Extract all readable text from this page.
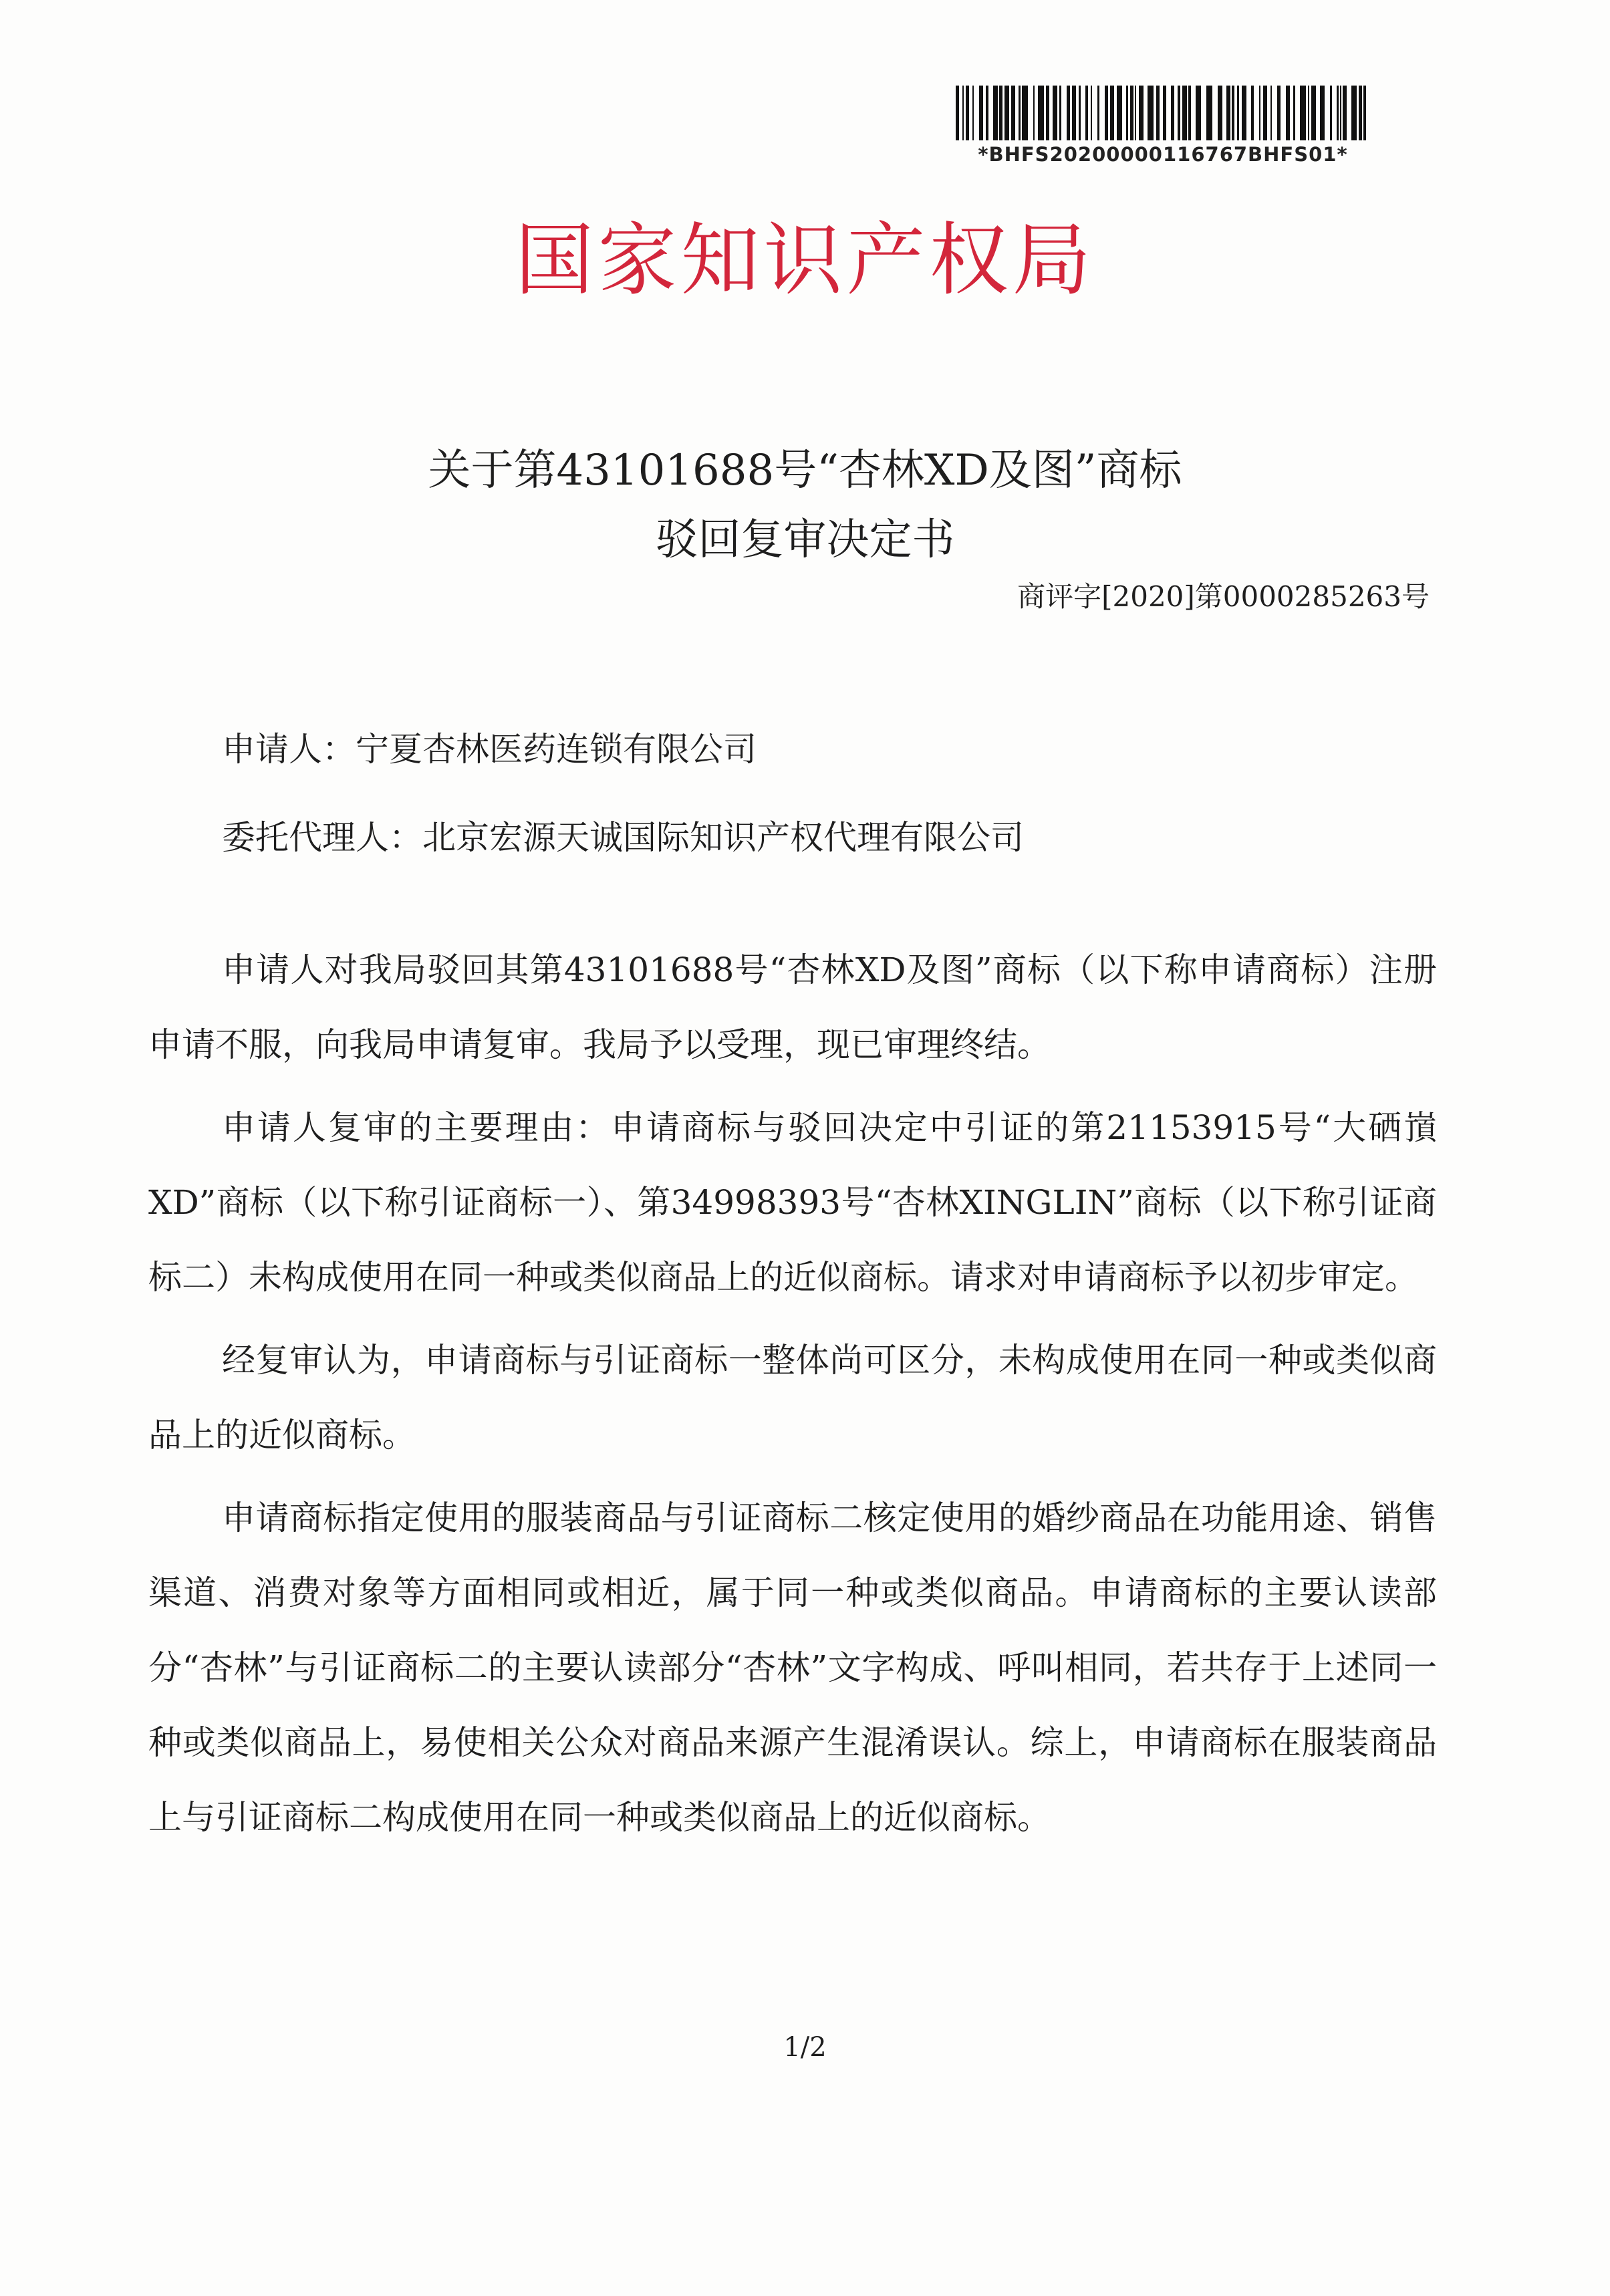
*BHFS20200000116767BHFS01*
国家知识产权局
关于第43101688号“杏林XD及图”商标
驳回复审决定书
商评字[2020]第0000285263号
申请人：宁夏杏林医药连锁有限公司
委托代理人：北京宏源天诚国际知识产权代理有限公司

申请人对我局驳回其第43101688号“杏林XD及图”商标（以下称申请商标）注册申请不服，向我局申请复审。我局予以受理，现已审理终结。

申请人复审的主要理由：申请商标与驳回决定中引证的第21153915号“大硒嵿XD”商标（以下称引证商标一）、第34998393号“杏林XINGLIN”商标（以下称引证商标二）未构成使用在同一种或类似商品上的近似商标。请求对申请商标予以初步审定。

经复审认为，申请商标与引证商标一整体尚可区分，未构成使用在同一种或类似商品上的近似商标。

申请商标指定使用的服装商品与引证商标二核定使用的婚纱商品在功能用途、销售渠道、消费对象等方面相同或相近，属于同一种或类似商品。申请商标的主要认读部分“杏林”与引证商标二的主要认读部分“杏林”文字构成、呼叫相同，若共存于上述同一种或类似商品上，易使相关公众对商品来源产生混淆误认。综上，申请商标在服装商品上与引证商标二构成使用在同一种或类似商品上的近似商标。

1/2
